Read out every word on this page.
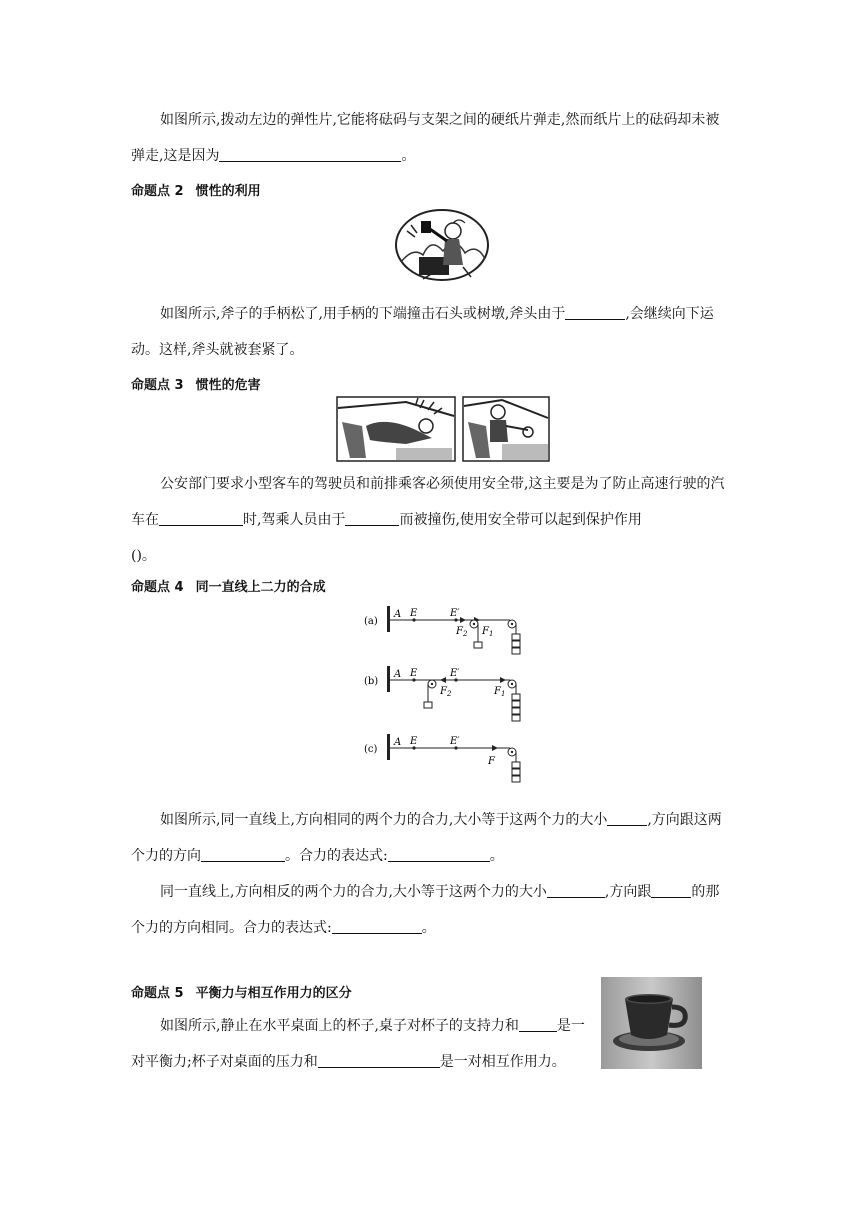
如图所示,拨动左边的弹性片,它能将砝码与支架之间的硬纸片弹走,然而纸片上的砝码却未被弹走,这是因为	。

命题点 2 惯性的利用

如图所示,斧子的手柄松了,用手柄的下端撞击石头或树墩,斧头由于	,会继续向下运动。这样,斧头就被套紧了。

命题点 3 惯性的危害

公安部门要求小型客车的驾驶员和前排乘客必须使用安全带,这主要是为了防止高速行驶的汽车在	时,驾乘人员由于	而被撞伤,使用安全带可以起到保护作用
()。

命题点 4 同一直线上二力的合成

(a)
A E	E′
$F_2$ $F_1$
(b)
A E	E′
$F_2$	$F_1$
(c)
A E	E′
F

如图所示,同一直线上,方向相同的两个力的合力,大小等于这两个力的大小	,方向跟这两个力的方向	。合力的表达式:	。

同一直线上,方向相反的两个力的合力,大小等于这两个力的大小	,方向跟	的那个力的方向相同。合力的表达式:	。

命题点 5 平衡力与相互作用力的区分

如图所示,静止在水平桌面上的杯子,桌子对杯子的支持力和	是一对平衡力;杯子对桌面的压力和	是一对相互作用力。
